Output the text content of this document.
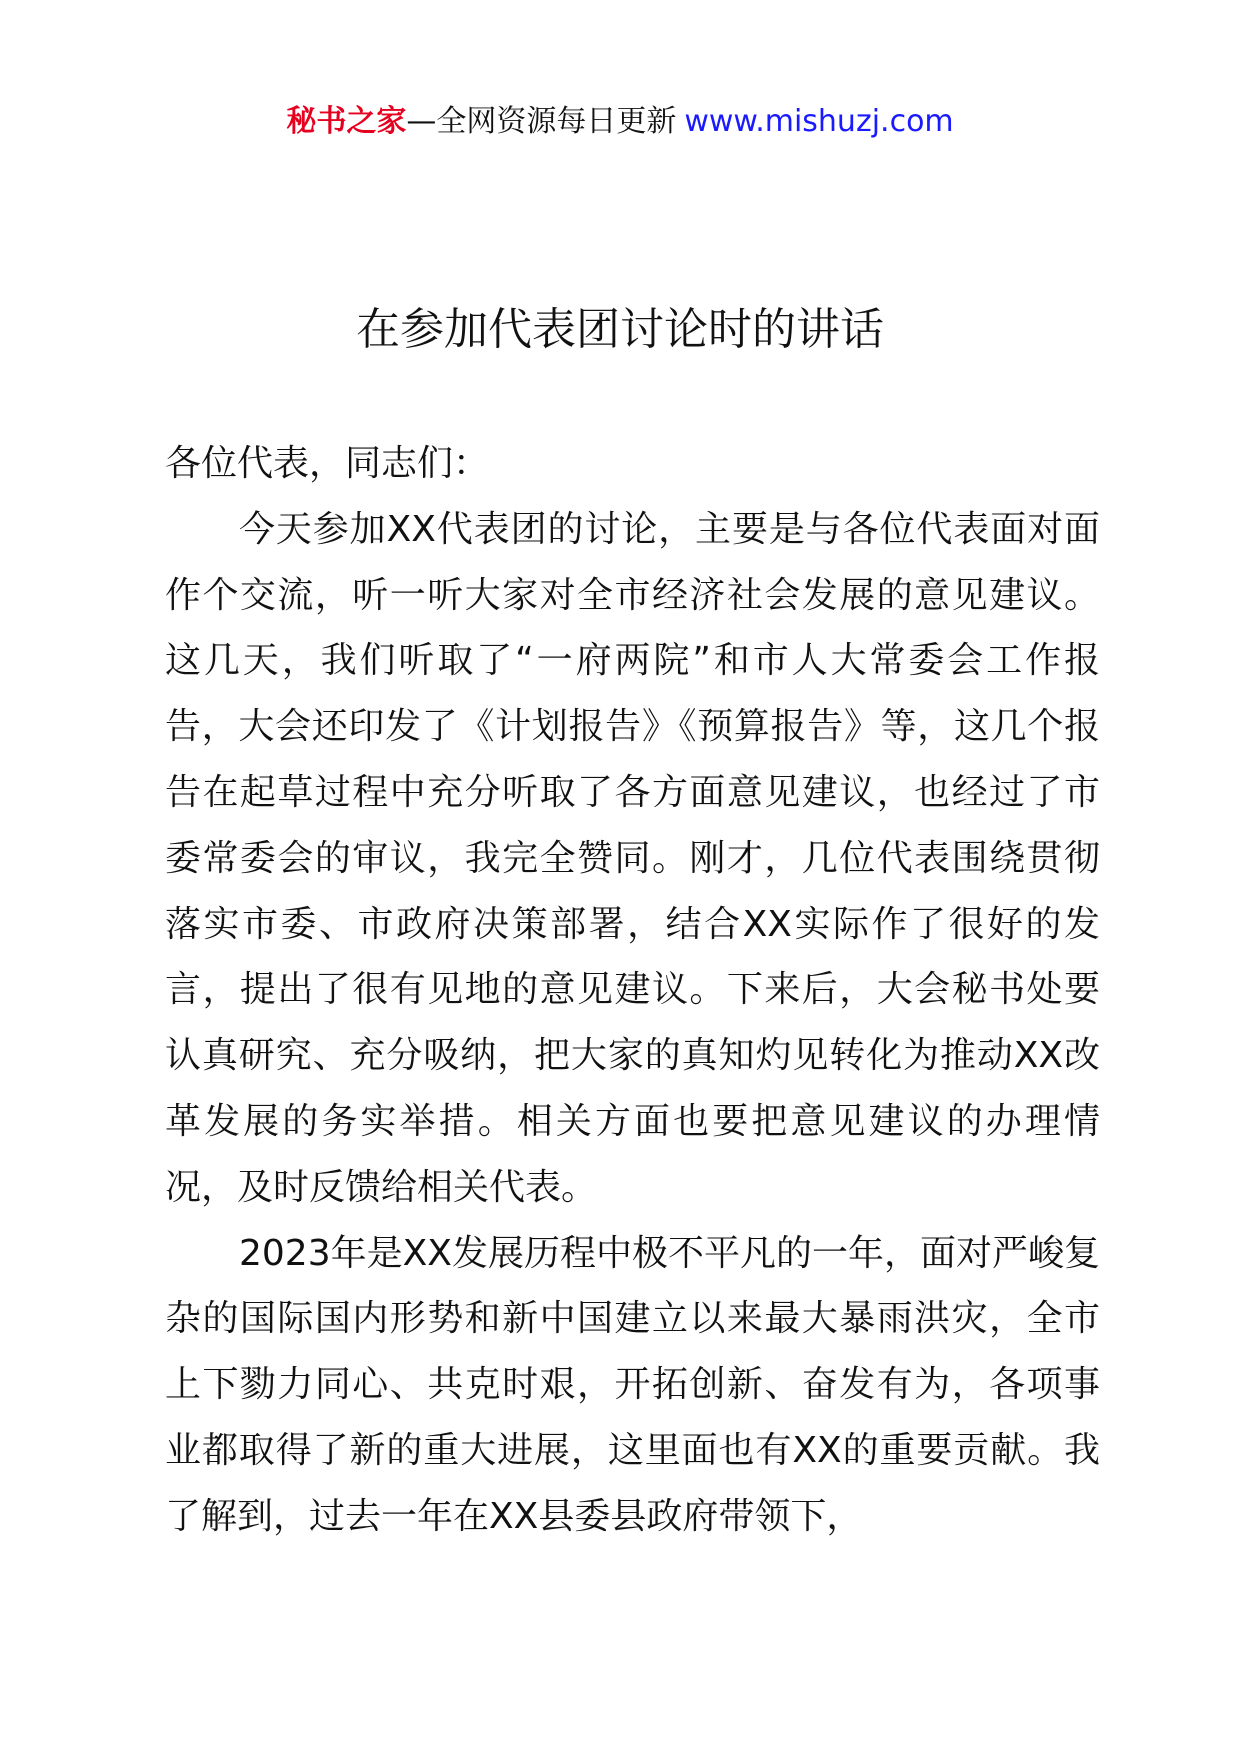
秘书之家—全网资源每日更新 www.mishuzj.com
在参加代表团讨论时的讲话

各位代表，同志们：

今天参加XX代表团的讨论，主要是与各位代表面对面作个交流，听一听大家对全市经济社会发展的意见建议。这几天，我们听取了“一府两院”和市人大常委会工作报告，大会还印发了《计划报告》《预算报告》等，这几个报告在起草过程中充分听取了各方面意见建议，也经过了市委常委会的审议，我完全赞同。刚才，几位代表围绕贯彻落实市委、市政府决策部署，结合XX实际作了很好的发言，提出了很有见地的意见建议。下来后，大会秘书处要认真研究、充分吸纳，把大家的真知灼见转化为推动XX改革发展的务实举措。相关方面也要把意见建议的办理情况，及时反馈给相关代表。

2023年是XX发展历程中极不平凡的一年，面对严峻复杂的国际国内形势和新中国建立以来最大暴雨洪灾，全市上下勠力同心、共克时艰，开拓创新、奋发有为，各项事业都取得了新的重大进展，这里面也有XX的重要贡献。我了解到，过去一年在XX县委县政府带领下，
